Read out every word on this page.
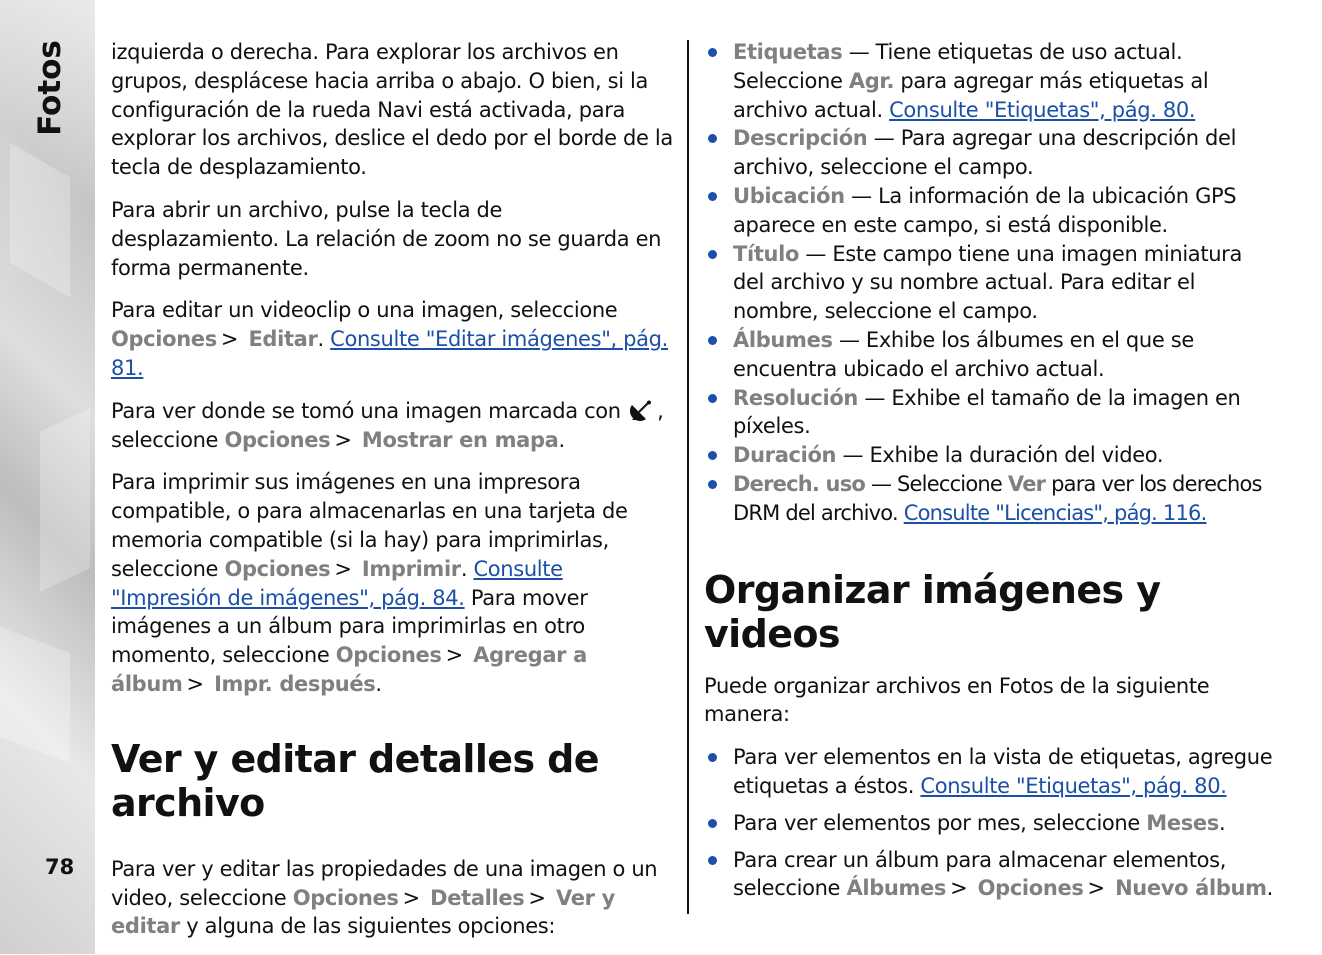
Fotos
78

izquierda o derecha. Para explorar los archivos en grupos, desplácese hacia arriba o abajo. O bien, si la configuración de la rueda Navi está activada, para explorar los archivos, deslice el dedo por el borde de la tecla de desplazamiento.

Para abrir un archivo, pulse la tecla de desplazamiento. La relación de zoom no se guarda en forma permanente.

Para editar un videoclip o una imagen, seleccione Opciones > Editar. Consulte "Editar imágenes", pág. 81.

Para ver donde se tomó una imagen marcada con , seleccione Opciones > Mostrar en mapa.

Para imprimir sus imágenes en una impresora compatible, o para almacenarlas en una tarjeta de memoria compatible (si la hay) para imprimirlas, seleccione Opciones > Imprimir. Consulte "Impresión de imágenes", pág. 84. Para mover imágenes a un álbum para imprimirlas en otro momento, seleccione Opciones > Agregar a álbum > Impr. después.

Ver y editar detalles de archivo

Para ver y editar las propiedades de una imagen o un video, seleccione Opciones > Detalles > Ver y editar y alguna de las siguientes opciones:

Etiquetas — Tiene etiquetas de uso actual. Seleccione Agr. para agregar más etiquetas al archivo actual. Consulte "Etiquetas", pág. 80.
Descripción — Para agregar una descripción del archivo, seleccione el campo.
Ubicación — La información de la ubicación GPS aparece en este campo, si está disponible.
Título — Este campo tiene una imagen miniatura del archivo y su nombre actual. Para editar el nombre, seleccione el campo.
Álbumes — Exhibe los álbumes en el que se encuentra ubicado el archivo actual.
Resolución — Exhibe el tamaño de la imagen en píxeles.
Duración — Exhibe la duración del video.
Derech. uso — Seleccione Ver para ver los derechos DRM del archivo. Consulte "Licencias", pág. 116.
Organizar imágenes y videos

Puede organizar archivos en Fotos de la siguiente manera:

Para ver elementos en la vista de etiquetas, agregue etiquetas a éstos. Consulte "Etiquetas", pág. 80.
Para ver elementos por mes, seleccione Meses.
Para crear un álbum para almacenar elementos, seleccione Álbumes > Opciones > Nuevo álbum.
